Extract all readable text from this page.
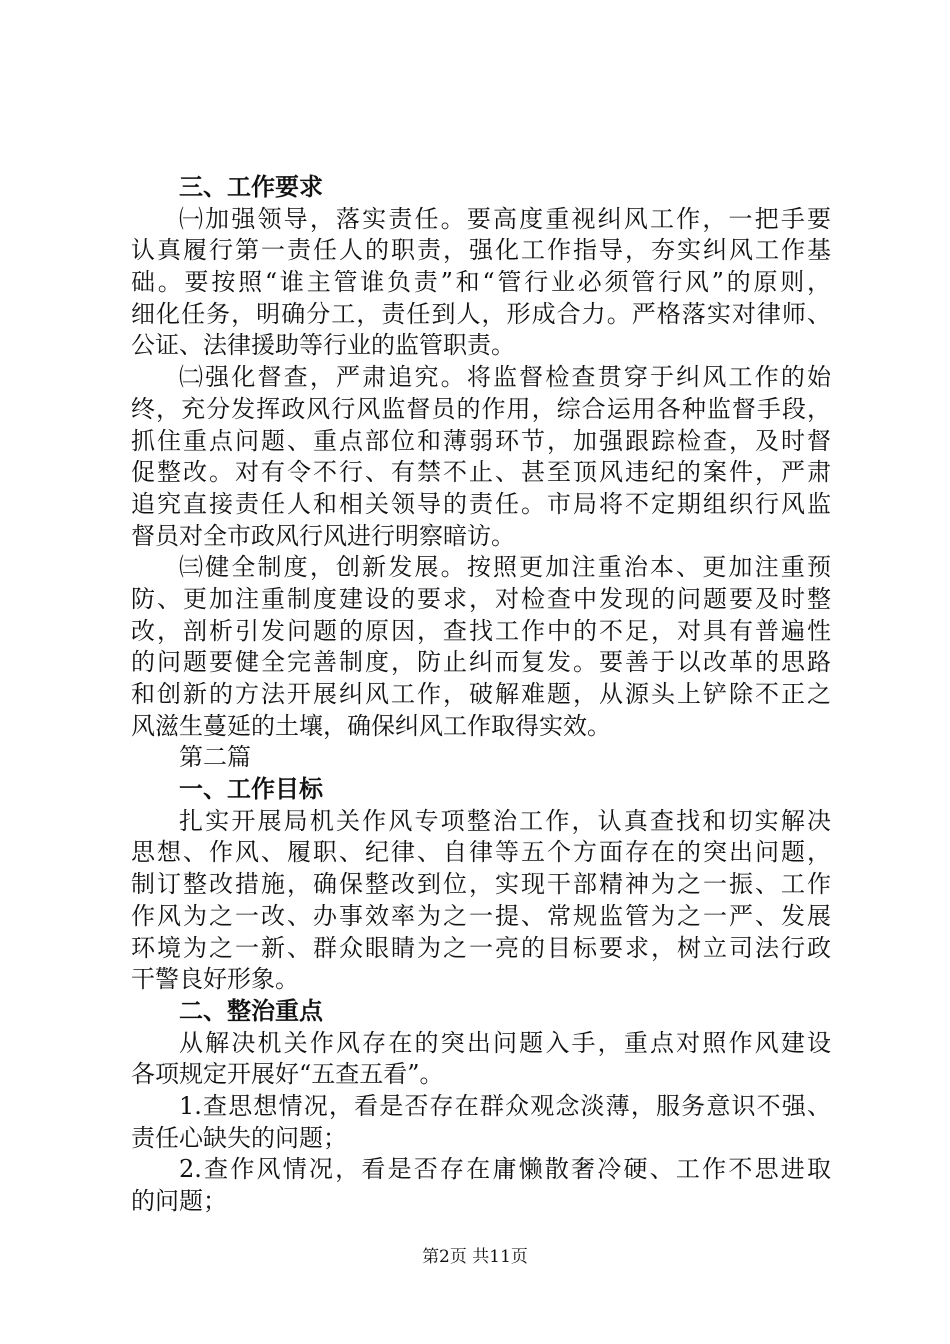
三、工作要求
㈠加强领导，落实责任。要高度重视纠风工作，一把手要
认真履行第一责任人的职责，强化工作指导，夯实纠风工作基
础。要按照“谁主管谁负责”和“管行业必须管行风”的原则，
细化任务，明确分工，责任到人，形成合力。严格落实对律师、
公证、法律援助等行业的监管职责。
㈡强化督查，严肃追究。将监督检查贯穿于纠风工作的始
终，充分发挥政风行风监督员的作用，综合运用各种监督手段，
抓住重点问题、重点部位和薄弱环节，加强跟踪检查，及时督
促整改。对有令不行、有禁不止、甚至顶风违纪的案件，严肃
追究直接责任人和相关领导的责任。市局将不定期组织行风监
督员对全市政风行风进行明察暗访。
㈢健全制度，创新发展。按照更加注重治本、更加注重预
防、更加注重制度建设的要求，对检查中发现的问题要及时整
改，剖析引发问题的原因，查找工作中的不足，对具有普遍性
的问题要健全完善制度，防止纠而复发。要善于以改革的思路
和创新的方法开展纠风工作，破解难题，从源头上铲除不正之
风滋生蔓延的土壤，确保纠风工作取得实效。
第二篇
一、工作目标
扎实开展局机关作风专项整治工作，认真查找和切实解决
思想、作风、履职、纪律、自律等五个方面存在的突出问题，
制订整改措施，确保整改到位，实现干部精神为之一振、工作
作风为之一改、办事效率为之一提、常规监管为之一严、发展
环境为之一新、群众眼睛为之一亮的目标要求，树立司法行政
干警良好形象。
二、整治重点
从解决机关作风存在的突出问题入手，重点对照作风建设
各项规定开展好“五查五看”。
1.查思想情况，看是否存在群众观念淡薄，服务意识不强、
责任心缺失的问题；
2.查作风情况，看是否存在庸懒散奢冷硬、工作不思进取
的问题；
第2页 共11页
